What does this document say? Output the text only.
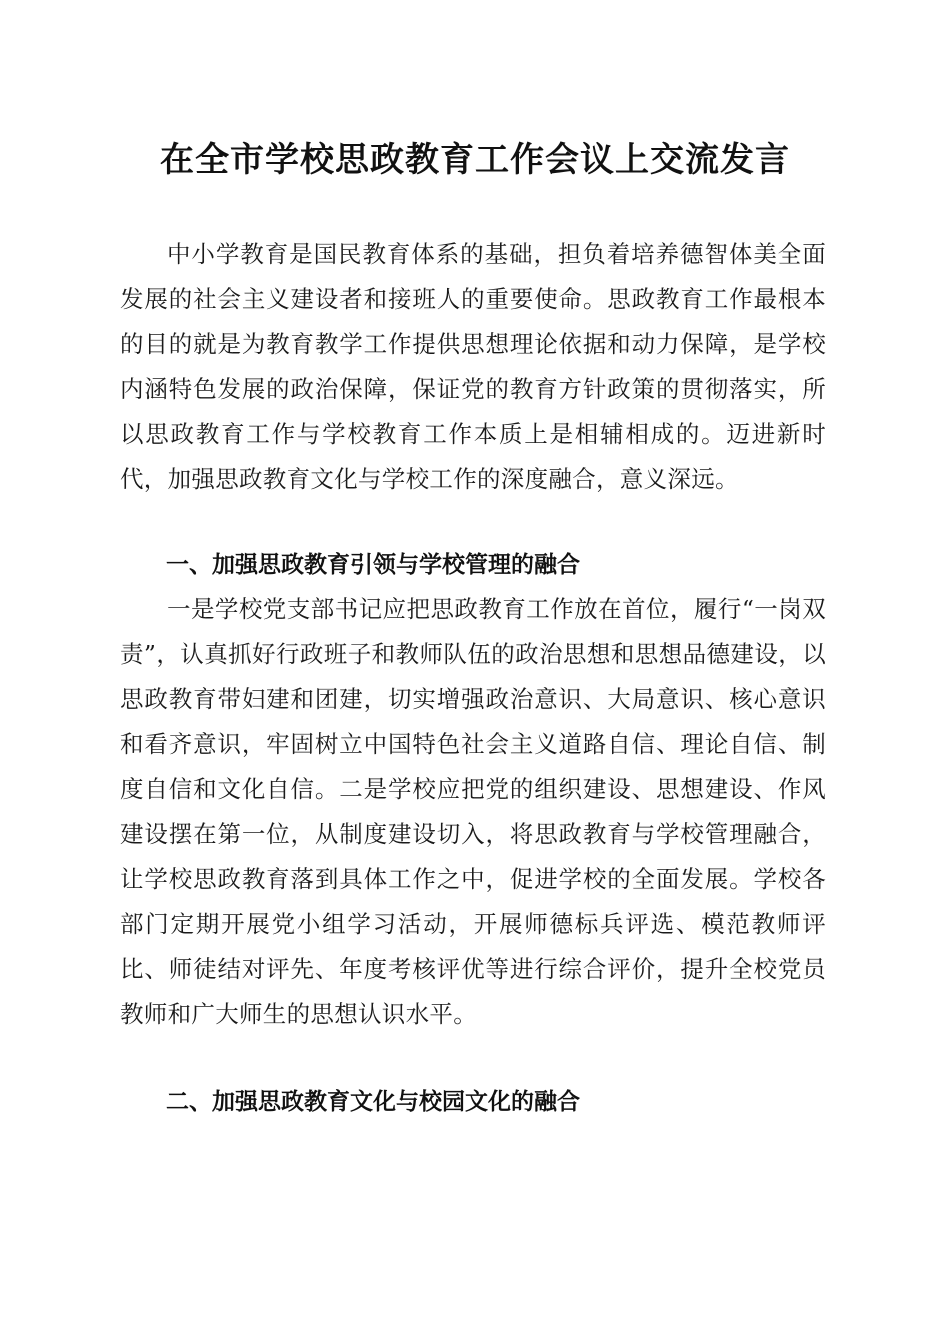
在全市学校思政教育工作会议上交流发言

中小学教育是国民教育体系的基础，担负着培养德智体美全面发展的社会主义建设者和接班人的重要使命。思政教育工作最根本的目的就是为教育教学工作提供思想理论依据和动力保障，是学校内涵特色发展的政治保障，保证党的教育方针政策的贯彻落实，所以思政教育工作与学校教育工作本质上是相辅相成的。迈进新时代，加强思政教育文化与学校工作的深度融合，意义深远。

一、加强思政教育引领与学校管理的融合

一是学校党支部书记应把思政教育工作放在首位，履行“一岗双责”，认真抓好行政班子和教师队伍的政治思想和思想品德建设，以思政教育带妇建和团建，切实增强政治意识、大局意识、核心意识和看齐意识，牢固树立中国特色社会主义道路自信、理论自信、制度自信和文化自信。二是学校应把党的组织建设、思想建设、作风建设摆在第一位，从制度建设切入，将思政教育与学校管理融合，让学校思政教育落到具体工作之中，促进学校的全面发展。学校各部门定期开展党小组学习活动，开展师德标兵评选、模范教师评比、师徒结对评先、年度考核评优等进行综合评价，提升全校党员教师和广大师生的思想认识水平。

二、加强思政教育文化与校园文化的融合
